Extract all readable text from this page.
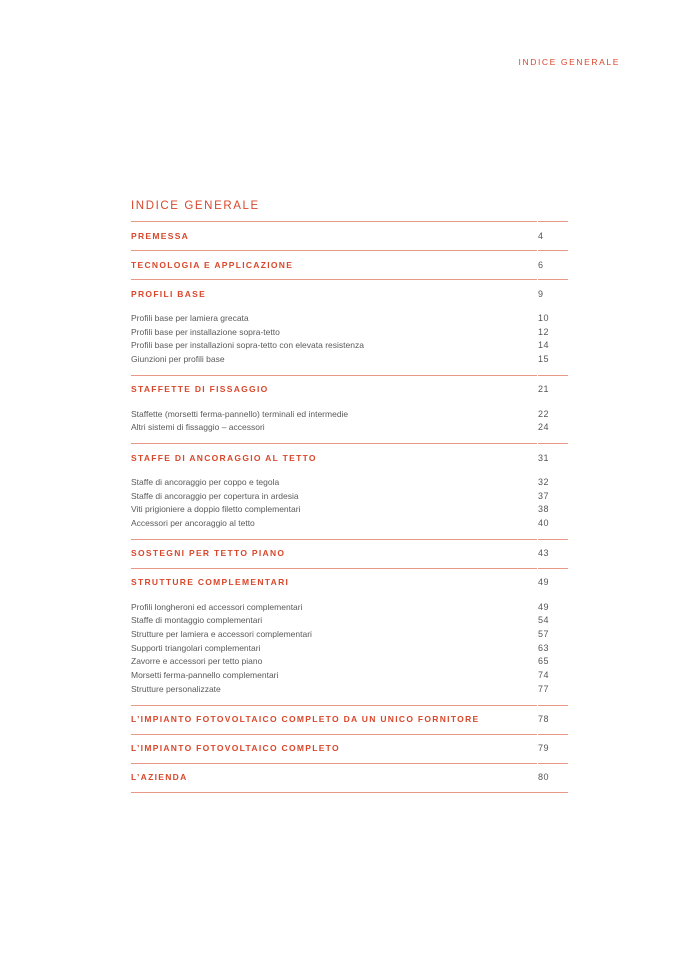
INDICE GENERALE
INDICE GENERALE
PREMESSA	4
TECNOLOGIA E APPLICAZIONE	6
PROFILI BASE	9
Profili base per lamiera grecata	10
Profili base per installazione sopra-tetto	12
Profili base per installazioni sopra-tetto con elevata resistenza	14
Giunzioni per profili base	15
STAFFETTE DI FISSAGGIO	21
Staffette (morsetti ferma-pannello) terminali ed intermedie	22
Altri sistemi di fissaggio – accessori	24
STAFFE DI ANCORAGGIO AL TETTO	31
Staffe di ancoraggio per coppo e tegola	32
Staffe di ancoraggio per copertura in ardesia	37
Viti prigioniere a doppio filetto complementari	38
Accessori per ancoraggio al tetto	40
SOSTEGNI PER TETTO PIANO	43
STRUTTURE COMPLEMENTARI	49
Profili longheroni ed accessori complementari	49
Staffe di montaggio complementari	54
Strutture per lamiera e accessori complementari	57
Supporti triangolari complementari	63
Zavorre e accessori per tetto piano	65
Morsetti ferma-pannello complementari	74
Strutture personalizzate	77
L’IMPIANTO FOTOVOLTAICO COMPLETO DA UN UNICO FORNITORE	78
L’IMPIANTO FOTOVOLTAICO COMPLETO	79
L’AZIENDA	80
